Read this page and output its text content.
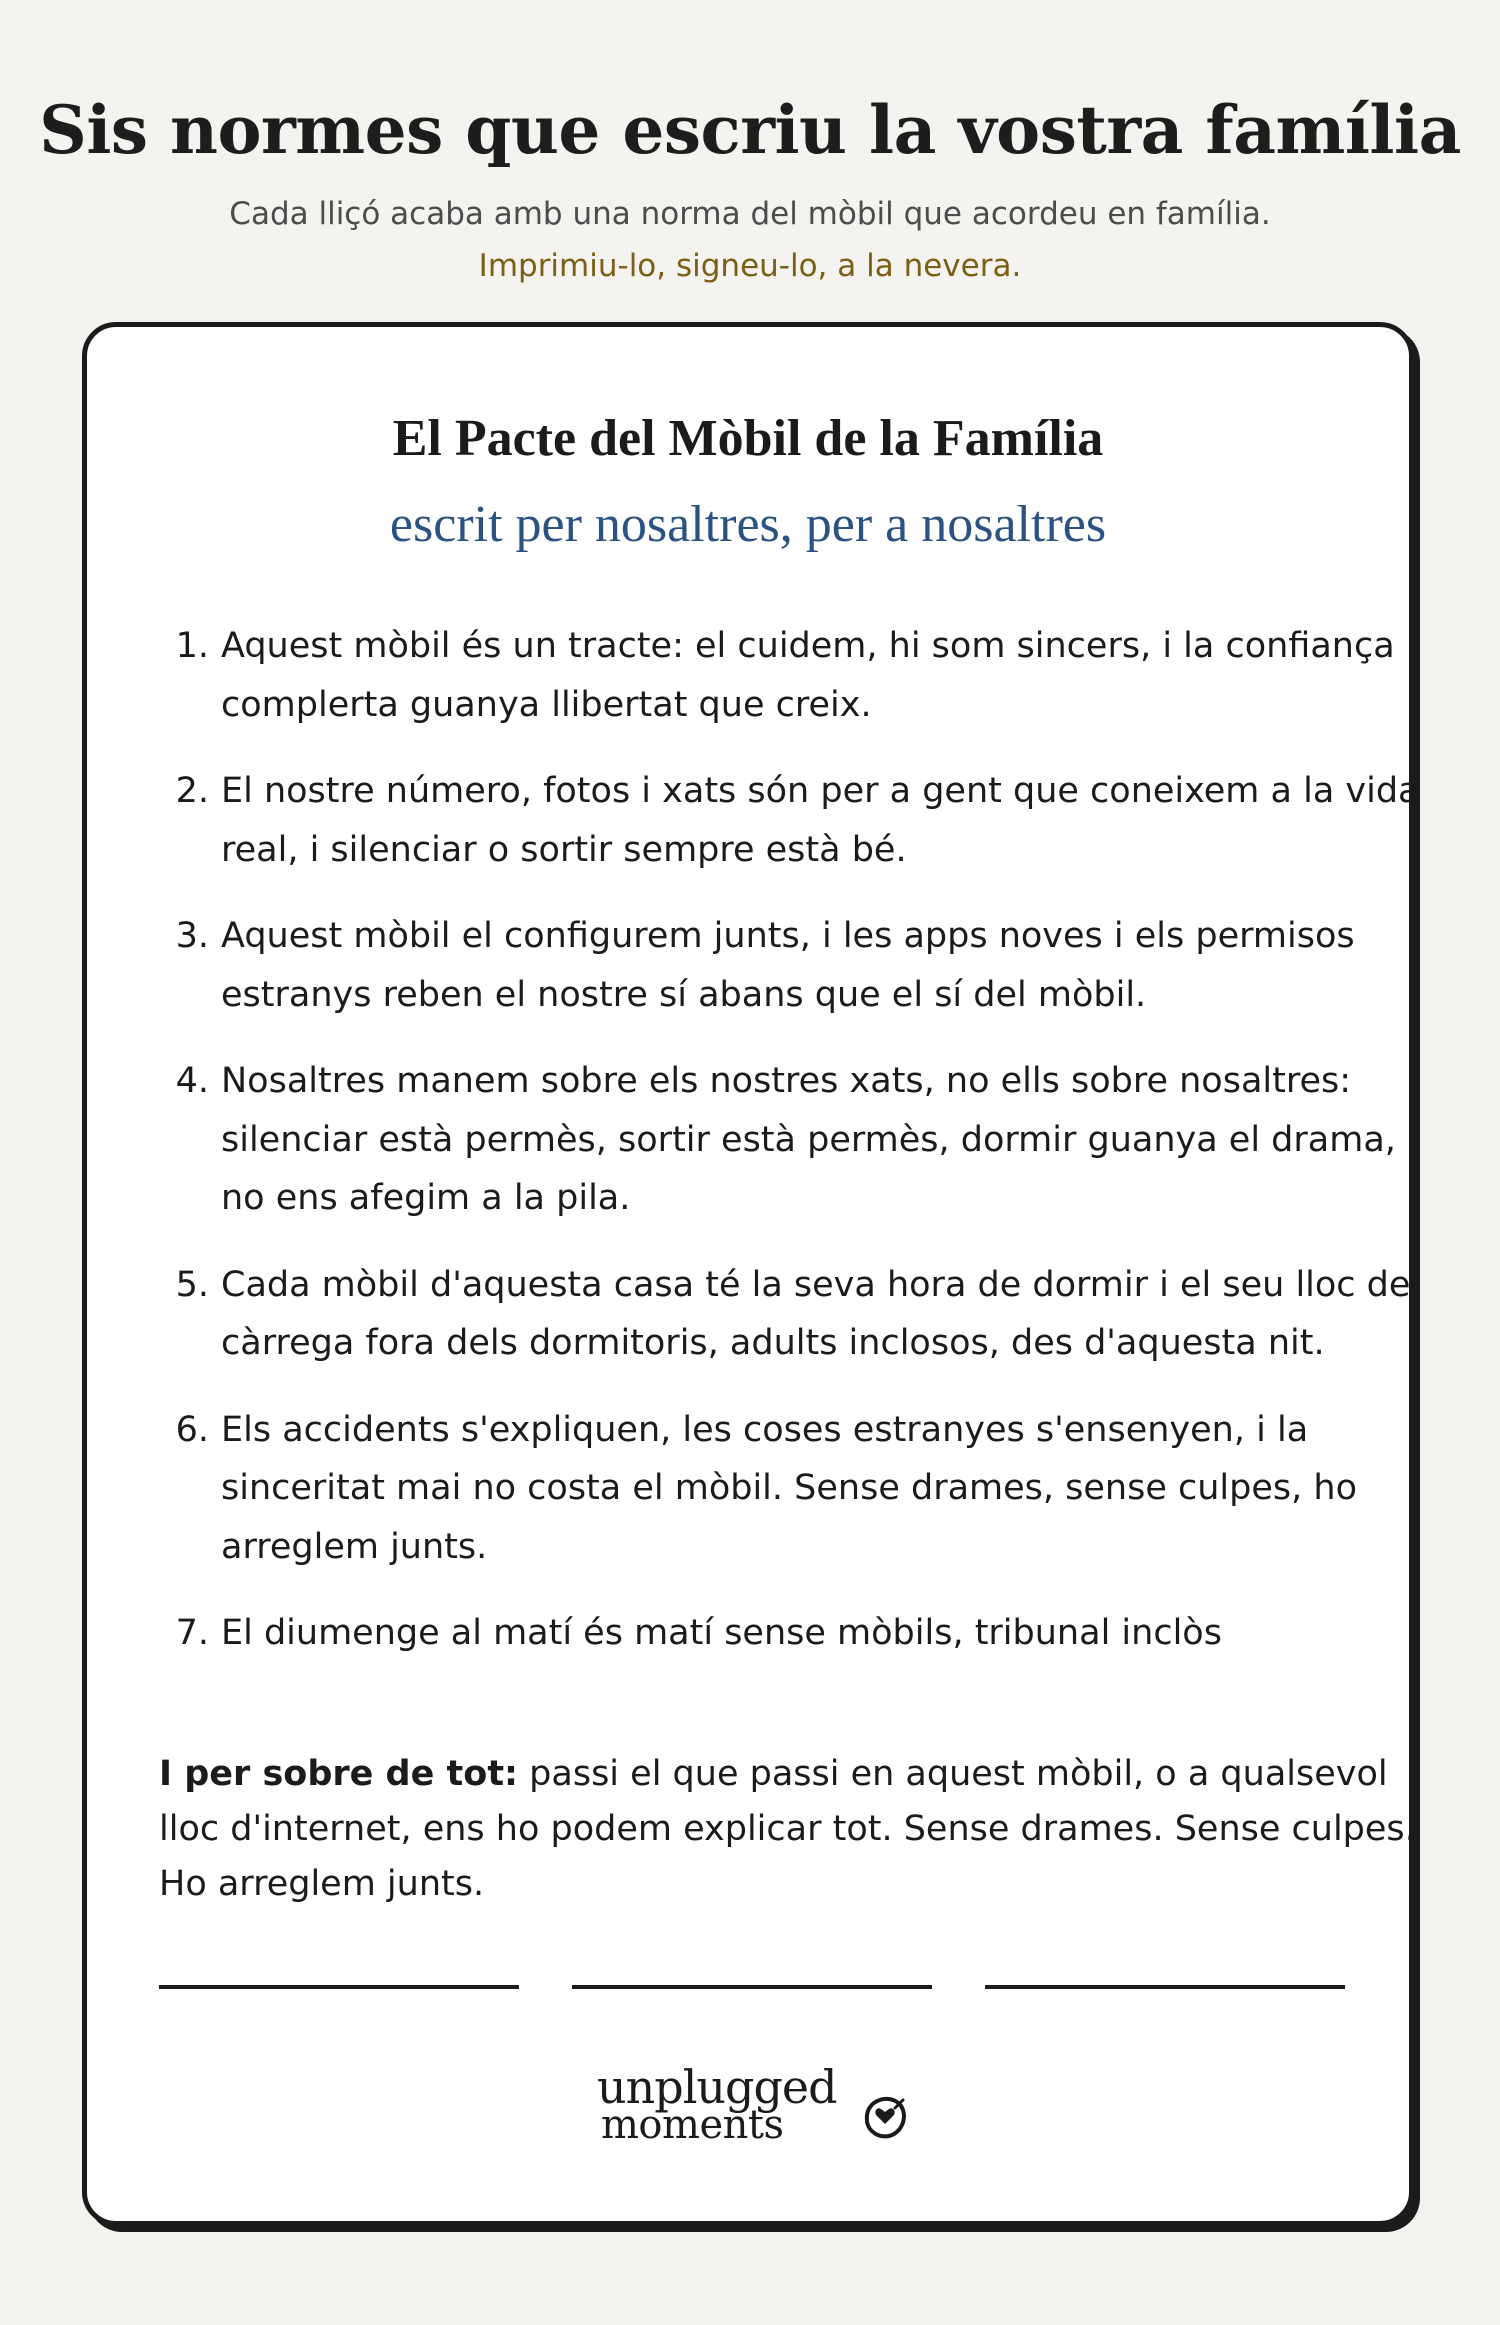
Sis normes que escriu la vostra família
Cada lliçó acaba amb una norma del mòbil que acordeu en família.
Imprimiu-lo, signeu-lo, a la nevera.
El Pacte del Mòbil de la Família
escrit per nosaltres, per a nosaltres
1. Aquest mòbil és un tracte: el cuidem, hi som sincers, i la confiança complerta guanya llibertat que creix.
2. El nostre número, fotos i xats són per a gent que coneixem a la vida real, i silenciar o sortir sempre està bé.
3. Aquest mòbil el configurem junts, i les apps noves i els permisos estranys reben el nostre sí abans que el sí del mòbil.
4. Nosaltres manem sobre els nostres xats, no ells sobre nosaltres: silenciar està permès, sortir està permès, dormir guanya el drama, i no ens afegim a la pila.
5. Cada mòbil d'aquesta casa té la seva hora de dormir i el seu lloc de càrrega fora dels dormitoris, adults inclosos, des d'aquesta nit.
6. Els accidents s'expliquen, les coses estranyes s'ensenyen, i la sinceritat mai no costa el mòbil. Sense drames, sense culpes, ho arreglem junts.
7. El diumenge al matí és matí sense mòbils, tribunal inclòs
I per sobre de tot: passi el que passi en aquest mòbil, o a qualsevol lloc d'internet, ens ho podem explicar tot. Sense drames. Sense culpes. Ho arreglem junts.
unplugged
moments
